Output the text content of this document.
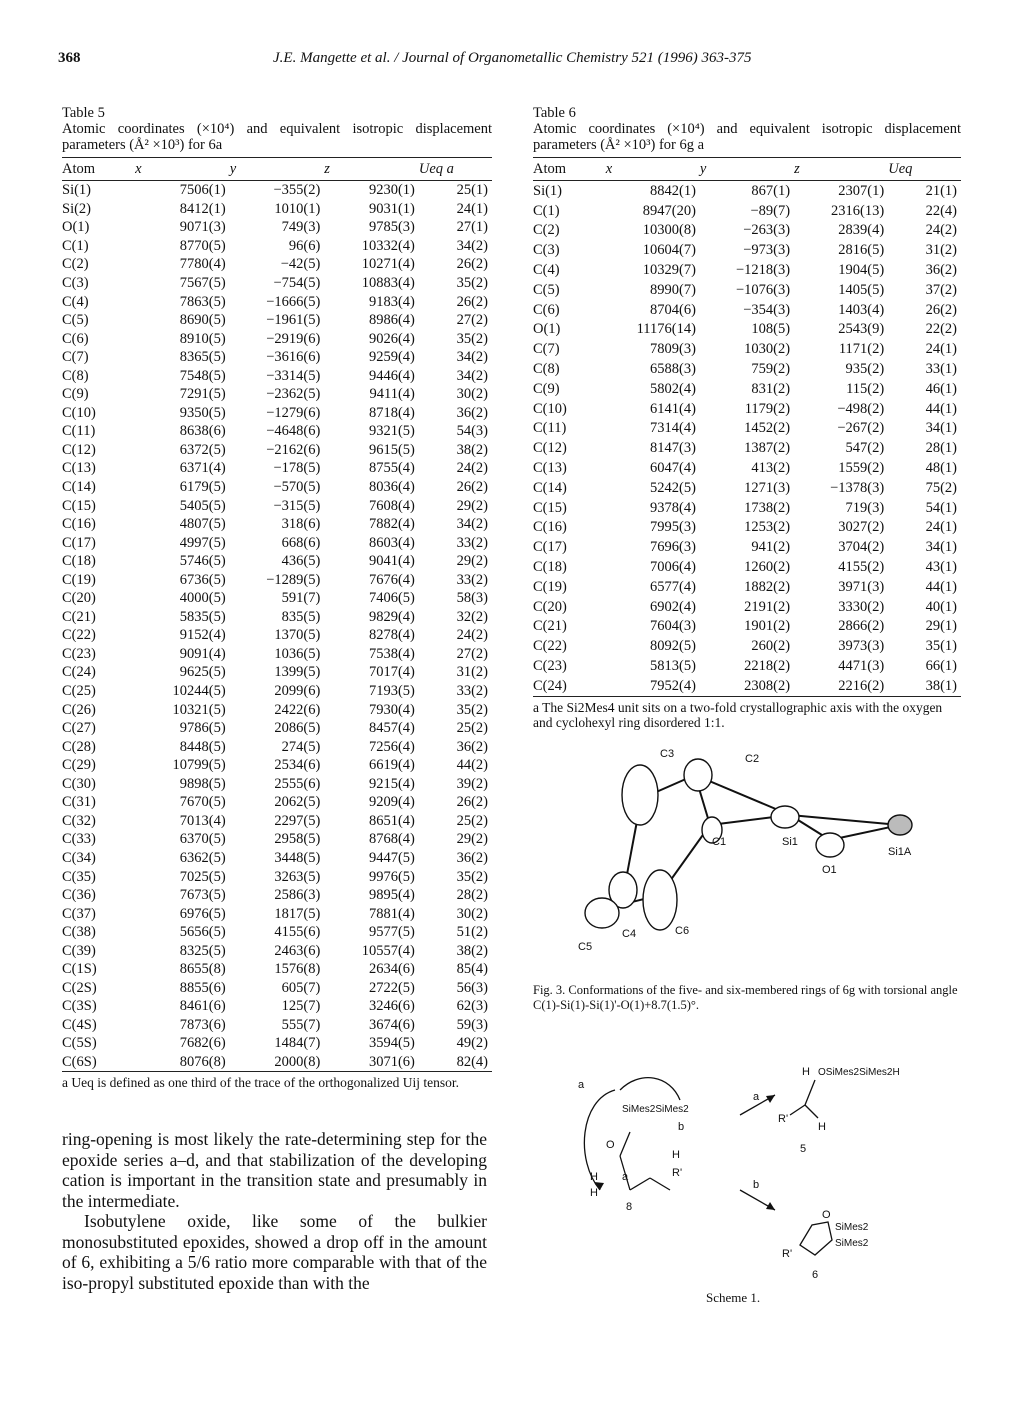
368	J.E. Mangette et al. / Journal of Organometallic Chemistry 521 (1996) 363-375
Table 5
Atomic coordinates (×10⁴) and equivalent isotropic displacement
parameters (Å² ×10³) for 6a
Atom	x	y	z	Ueq a
Si(1)	7506(1)	−355(2)	9230(1)	25(1)
Si(2)	8412(1)	1010(1)	9031(1)	24(1)
O(1)	9071(3)	749(3)	9785(3)	27(1)
C(1)	8770(5)	96(6)	10332(4)	34(2)
C(2)	7780(4)	−42(5)	10271(4)	26(2)
C(3)	7567(5)	−754(5)	10883(4)	35(2)
C(4)	7863(5)	−1666(5)	9183(4)	26(2)
C(5)	8690(5)	−1961(5)	8986(4)	27(2)
C(6)	8910(5)	−2919(6)	9026(4)	35(2)
C(7)	8365(5)	−3616(6)	9259(4)	34(2)
C(8)	7548(5)	−3314(5)	9446(4)	34(2)
C(9)	7291(5)	−2362(5)	9411(4)	30(2)
C(10)	9350(5)	−1279(6)	8718(4)	36(2)
C(11)	8638(6)	−4648(6)	9321(5)	54(3)
C(12)	6372(5)	−2162(6)	9615(5)	38(2)
C(13)	6371(4)	−178(5)	8755(4)	24(2)
C(14)	6179(5)	−570(5)	8036(4)	26(2)
C(15)	5405(5)	−315(5)	7608(4)	29(2)
C(16)	4807(5)	318(6)	7882(4)	34(2)
C(17)	4997(5)	668(6)	8603(4)	33(2)
C(18)	5746(5)	436(5)	9041(4)	29(2)
C(19)	6736(5)	−1289(5)	7676(4)	33(2)
C(20)	4000(5)	591(7)	7406(5)	58(3)
C(21)	5835(5)	835(5)	9829(4)	32(2)
C(22)	9152(4)	1370(5)	8278(4)	24(2)
C(23)	9091(4)	1036(5)	7538(4)	27(2)
C(24)	9625(5)	1399(5)	7017(4)	31(2)
C(25)	10244(5)	2099(6)	7193(5)	33(2)
C(26)	10321(5)	2422(6)	7930(4)	35(2)
C(27)	9786(5)	2086(5)	8457(4)	25(2)
C(28)	8448(5)	274(5)	7256(4)	36(2)
C(29)	10799(5)	2534(6)	6619(4)	44(2)
C(30)	9898(5)	2555(6)	9215(4)	39(2)
C(31)	7670(5)	2062(5)	9209(4)	26(2)
C(32)	7013(4)	2297(5)	8651(4)	25(2)
C(33)	6370(5)	2958(5)	8768(4)	29(2)
C(34)	6362(5)	3448(5)	9447(5)	36(2)
C(35)	7025(5)	3263(5)	9976(5)	35(2)
C(36)	7673(5)	2586(3)	9895(4)	28(2)
C(37)	6976(5)	1817(5)	7881(4)	30(2)
C(38)	5656(5)	4155(6)	9577(5)	51(2)
C(39)	8325(5)	2463(6)	10557(4)	38(2)
C(1S)	8655(8)	1576(8)	2634(6)	85(4)
C(2S)	8855(6)	605(7)	2722(5)	56(3)
C(3S)	8461(6)	125(7)	3246(6)	62(3)
C(4S)	7873(6)	555(7)	3674(6)	59(3)
C(5S)	7682(6)	1484(7)	3594(5)	49(2)
C(6S)	8076(8)	2000(8)	3071(6)	82(4)
a Ueq is defined as one third of the trace of the orthogonalized Uij tensor.
Table 6
Atomic coordinates (×10⁴) and equivalent isotropic displacement
parameters (Å² ×10³) for 6g a
Atom	x	y	z	Ueq
Si(1)	8842(1)	867(1)	2307(1)	21(1)
C(1)	8947(20)	−89(7)	2316(13)	22(4)
C(2)	10300(8)	−263(3)	2839(4)	24(2)
C(3)	10604(7)	−973(3)	2816(5)	31(2)
C(4)	10329(7)	−1218(3)	1904(5)	36(2)
C(5)	8990(7)	−1076(3)	1405(5)	37(2)
C(6)	8704(6)	−354(3)	1403(4)	26(2)
O(1)	11176(14)	108(5)	2543(9)	22(2)
C(7)	7809(3)	1030(2)	1171(2)	24(1)
C(8)	6588(3)	759(2)	935(2)	33(1)
C(9)	5802(4)	831(2)	115(2)	46(1)
C(10)	6141(4)	1179(2)	−498(2)	44(1)
C(11)	7314(4)	1452(2)	−267(2)	34(1)
C(12)	8147(3)	1387(2)	547(2)	28(1)
C(13)	6047(4)	413(2)	1559(2)	48(1)
C(14)	5242(5)	1271(3)	−1378(3)	75(2)
C(15)	9378(4)	1738(2)	719(3)	54(1)
C(16)	7995(3)	1253(2)	3027(2)	24(1)
C(17)	7696(3)	941(2)	3704(2)	34(1)
C(18)	7006(4)	1260(2)	4155(2)	43(1)
C(19)	6577(4)	1882(2)	3971(3)	44(1)
C(20)	6902(4)	2191(2)	3330(2)	40(1)
C(21)	7604(3)	1901(2)	2866(2)	29(1)
C(22)	8092(5)	260(2)	3973(3)	35(1)
C(23)	5813(5)	2218(2)	4471(3)	66(1)
C(24)	7952(4)	2308(2)	2216(2)	38(1)
a The Si2Mes4 unit sits on a two-fold crystallographic axis with the oxygen and cyclohexyl ring disordered 1:1.

ring-opening is most likely the rate-determining step for the epoxide series a–d, and that stabilization of the developing cation is important in the transition state and presumably in the intermediate.

Isobutylene oxide, like some of the bulkier monosubstituted epoxides, showed a drop off in the amount of 6, exhibiting a 5/6 ratio more comparable with that of the iso-propyl substituted epoxide than with the

C3	C2
C1	Si1
Si1A
O1
C4	C6
C5
Fig. 3. Conformations of the five- and six-membered rings of 6g with torsional angle C(1)-Si(1)-Si(1)'-O(1)+8.7(1.5)°.
a
SiMes2SiMes2
O
b
H
H a
H
R'
8
a
b
OSiMes2SiMes2H
H
R'
H
5
O
SiMes2
SiMes2
R'
6
Scheme 1.
